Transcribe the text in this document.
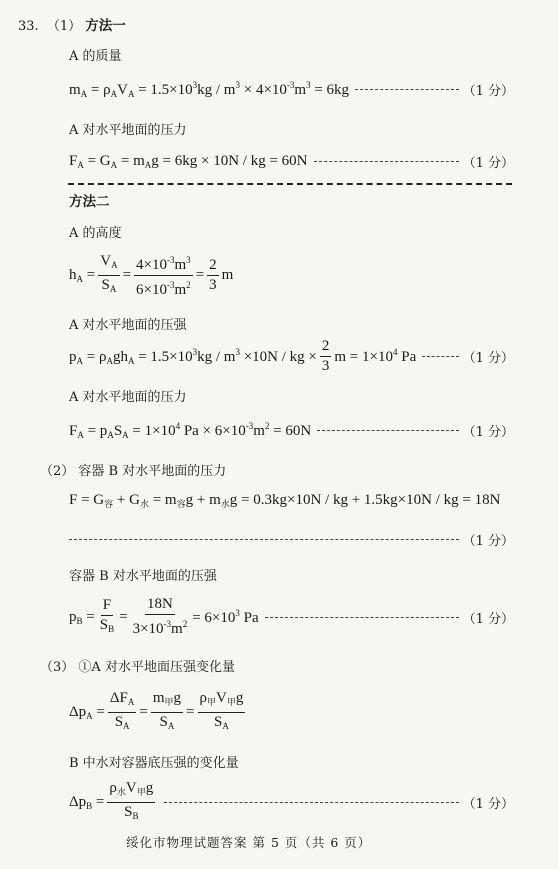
33. （1） 方法一
A 的质量
$m_A = \rho_AV_A = 1.5\times 10^3kg / m^3 \times 4\times 10^{-3}m^3 = 6kg$	（1 分）
A 对水平地面的压力
$F_A = G_A = m_Ag = 6kg \times 10N$ / kg = 60N	（1 分）
方法二
A 的高度
$h_A = \frac{V_A}{S_A} = \frac{4\times 10^{-3}m^3}{6\times 10^{-3}m^2} = \frac{2}{3}$ m
A 对水平地面的压强
$p_A = \rho_Agh_A = 1.5\times 10^3kg / m^3 \times 10N$ / kg × $\frac{2}{3}$ $m = 1\times 10^4$ Pa	（1 分）
A 对水平地面的压力
$F_A = p_AS_A = 1\times 10^4$ $Pa \times 6\times 10^{-3}m^2 = 60N$	（1 分）
（2） 容器 B 对水平地面的压力
$F = G_容 + G_水 = m_容g + m_水g = 0.3kg\times 10N$ / kg + 1.5kg×10N / kg = 18N
（1 分）
容器 B 对水平地面的压强
$p_B = \frac{F}{S_B} = \frac{18N}{3\times 10^{-3}m^2} = 6\times 10^3$ Pa	（1 分）
（3） ①A 对水平地面压强变化量
$\Delta p_A = \frac{\Delta F_A}{S_A} = \frac{m_甲g}{S_A} = \frac{\rho_甲V_甲g}{S_A}$
B 中水对容器底压强的变化量
$\Delta p_B = \frac{\rho_水V_甲g}{S_B}$	（1 分）
绥化市物理试题答案 第 5 页（共 6 页）
